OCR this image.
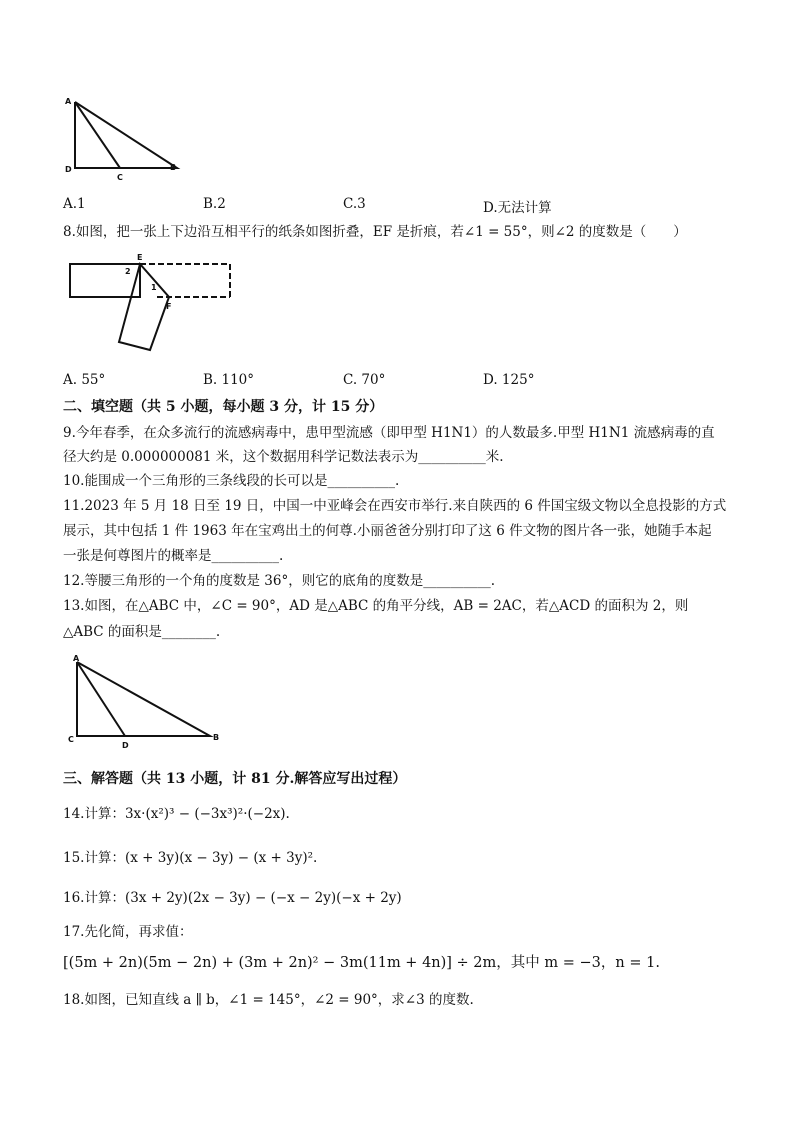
A
D
C
B
A.1	B.2	C.3	D.无法计算
8.如图，把一张上下边沿互相平行的纸条如图折叠，EF 是折痕，若∠1 = 55°，则∠2 的度数是（　　）
E
F
1
2
A. 55°	B. 110°	C. 70°	D. 125°
二、填空题（共 5 小题，每小题 3 分，计 15 分）
9.今年春季，在众多流行的流感病毒中，患甲型流感（即甲型 H1N1）的人数最多.甲型 H1N1 流感病毒的直
径大约是 0.000000081 米，这个数据用科学记数法表示为__________米.
10.能围成一个三角形的三条线段的长可以是__________.
11.2023 年 5 月 18 日至 19 日，中国一中亚峰会在西安市举行.来自陕西的 6 件国宝级文物以全息投影的方式
展示，其中包括 1 件 1963 年在宝鸡出土的何尊.小丽爸爸分别打印了这 6 件文物的图片各一张，她随手本起
一张是何尊图片的概率是__________.
12.等腰三角形的一个角的度数是 36°，则它的底角的度数是__________.
13.如图，在△ABC 中，∠C = 90°，AD 是△ABC 的角平分线，AB = 2AC，若△ACD 的面积为 2，则
△ABC 的面积是________.
A
C
D
B
三、解答题（共 13 小题，计 81 分.解答应写出过程）
14.计算：3x·(x²)³ − (−3x³)²·(−2x).
15.计算：(x + 3y)(x − 3y) − (x + 3y)².
16.计算：(3x + 2y)(2x − 3y) − (−x − 2y)(−x + 2y)
17.先化简，再求值：
[(5m + 2n)(5m − 2n) + (3m + 2n)² − 3m(11m + 4n)] ÷ 2m，其中 m = −3，n = 1.
18.如图，已知直线 a ∥ b，∠1 = 145°，∠2 = 90°，求∠3 的度数.
